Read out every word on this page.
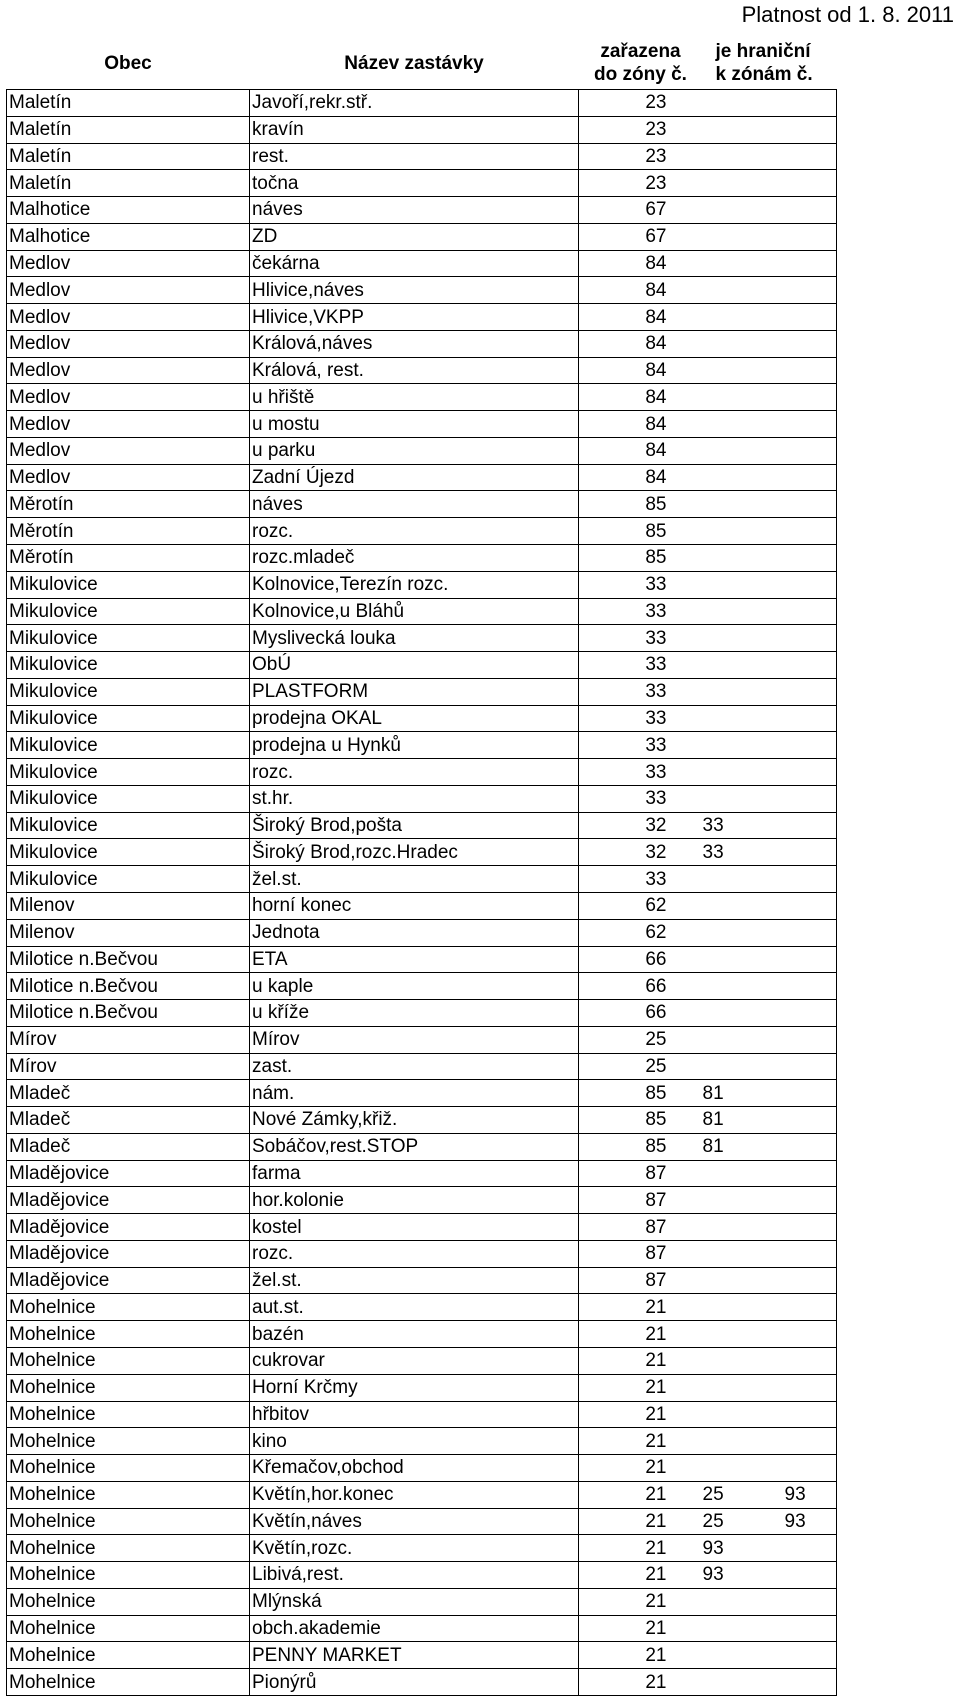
Platnost od 1. 8. 2011
Obec	Název zastávky	zařazena
do zóny č.		je hraniční
k zónám č.	
Maletín	Javoří,rekr.stř.	23			
Maletín	kravín	23			
Maletín	rest.	23			
Maletín	točna	23			
Malhotice	náves	67			
Malhotice	ZD	67			
Medlov	čekárna	84			
Medlov	Hlivice,náves	84			
Medlov	Hlivice,VKPP	84			
Medlov	Králová,náves	84			
Medlov	Králová, rest.	84			
Medlov	u hřiště	84			
Medlov	u mostu	84			
Medlov	u parku	84			
Medlov	Zadní Újezd	84			
Měrotín	náves	85			
Měrotín	rozc.	85			
Měrotín	rozc.mladeč	85			
Mikulovice	Kolnovice,Terezín rozc.	33			
Mikulovice	Kolnovice,u Bláhů	33			
Mikulovice	Myslivecká louka	33			
Mikulovice	ObÚ	33			
Mikulovice	PLASTFORM	33			
Mikulovice	prodejna OKAL	33			
Mikulovice	prodejna u Hynků	33			
Mikulovice	rozc.	33			
Mikulovice	st.hr.	33			
Mikulovice	Široký Brod,pošta	32		33	
Mikulovice	Široký Brod,rozc.Hradec	32		33	
Mikulovice	žel.st.	33			
Milenov	horní konec	62			
Milenov	Jednota	62			
Milotice n.Bečvou	ETA	66			
Milotice n.Bečvou	u kaple	66			
Milotice n.Bečvou	u kříže	66			
Mírov	Mírov	25			
Mírov	zast.	25			
Mladeč	nám.	85		81	
Mladeč	Nové Zámky,křiž.	85		81	
Mladeč	Sobáčov,rest.STOP	85		81	
Mladějovice	farma	87			
Mladějovice	hor.kolonie	87			
Mladějovice	kostel	87			
Mladějovice	rozc.	87			
Mladějovice	žel.st.	87			
Mohelnice	aut.st.	21			
Mohelnice	bazén	21			
Mohelnice	cukrovar	21			
Mohelnice	Horní Krčmy	21			
Mohelnice	hřbitov	21			
Mohelnice	kino	21			
Mohelnice	Křemačov,obchod	21			
Mohelnice	Květín,hor.konec	21		25	93
Mohelnice	Květín,náves	21		25	93
Mohelnice	Květín,rozc.	21		93	
Mohelnice	Libivá,rest.	21		93	
Mohelnice	Mlýnská	21			
Mohelnice	obch.akademie	21			
Mohelnice	PENNY MARKET	21			
Mohelnice	Pionýrů	21			
